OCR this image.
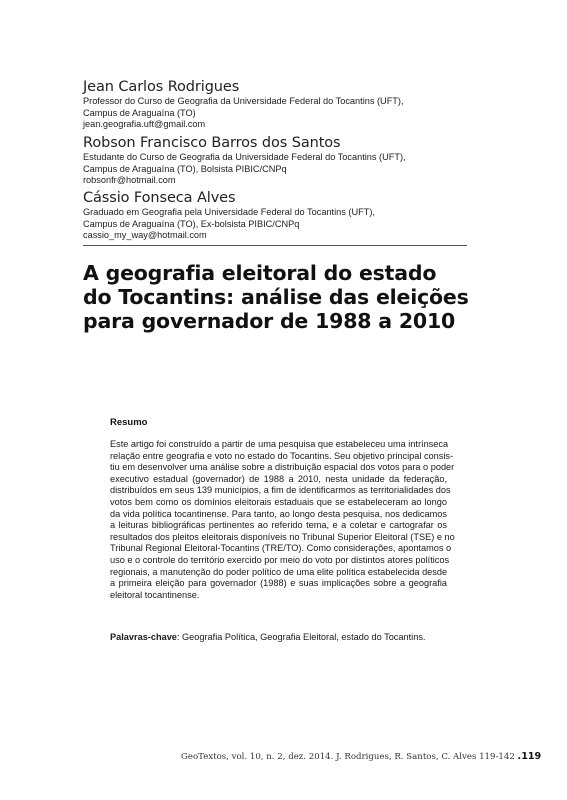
Jean Carlos Rodrigues
Professor do Curso de Geografia da Universidade Federal do Tocantins (UFT),
Campus de Araguaína (TO)
jean.geografia.uft@gmail.com
Robson Francisco Barros dos Santos
Estudante do Curso de Geografia da Universidade Federal do Tocantins (UFT),
Campus de Araguaína (TO), Bolsista PIBIC/CNPq
robsonfr@hotmail.com
Cássio Fonseca Alves
Graduado em Geografia pela Universidade Federal do Tocantins (UFT),
Campus de Araguaína (TO), Ex-bolsista PIBIC/CNPq
cassio_my_way@hotmail.com
A geografia eleitoral do estado
do Tocantins: análise das eleições
para governador de 1988 a 2010
Resumo
Este artigo foi construído a partir de uma pesquisa que estabeleceu uma intrínseca
relação entre geografia e voto no estado do Tocantins. Seu objetivo principal consis-
tiu em desenvolver uma análise sobre a distribuição espacial dos votos para o poder
executivo estadual (governador) de 1988 a 2010, nesta unidade da federação,
distribuídos em seus 139 municípios, a fim de identificarmos as territorialidades dos
votos bem como os domínios eleitorais estaduais que se estabeleceram ao longo
da vida política tocantinense. Para tanto, ao longo desta pesquisa, nos dedicamos
a leituras bibliográficas pertinentes ao referido tema, e a coletar e cartografar os
resultados dos pleitos eleitorais disponíveis no Tribunal Superior Eleitoral (TSE) e no
Tribunal Regional Eleitoral-Tocantins (TRE/TO). Como considerações, apontamos o
uso e o controle do território exercido por meio do voto por distintos atores políticos
regionais, a manutenção do poder político de uma elite política estabelecida desde
a primeira eleição para governador (1988) e suas implicações sobre a geografia
eleitoral tocantinense.
Palavras-chave: Geografia Política, Geografia Eleitoral, estado do Tocantins.
GeoTextos, vol. 10, n. 2, dez. 2014. J. Rodrigues, R. Santos, C. Alves 119-142 .119
